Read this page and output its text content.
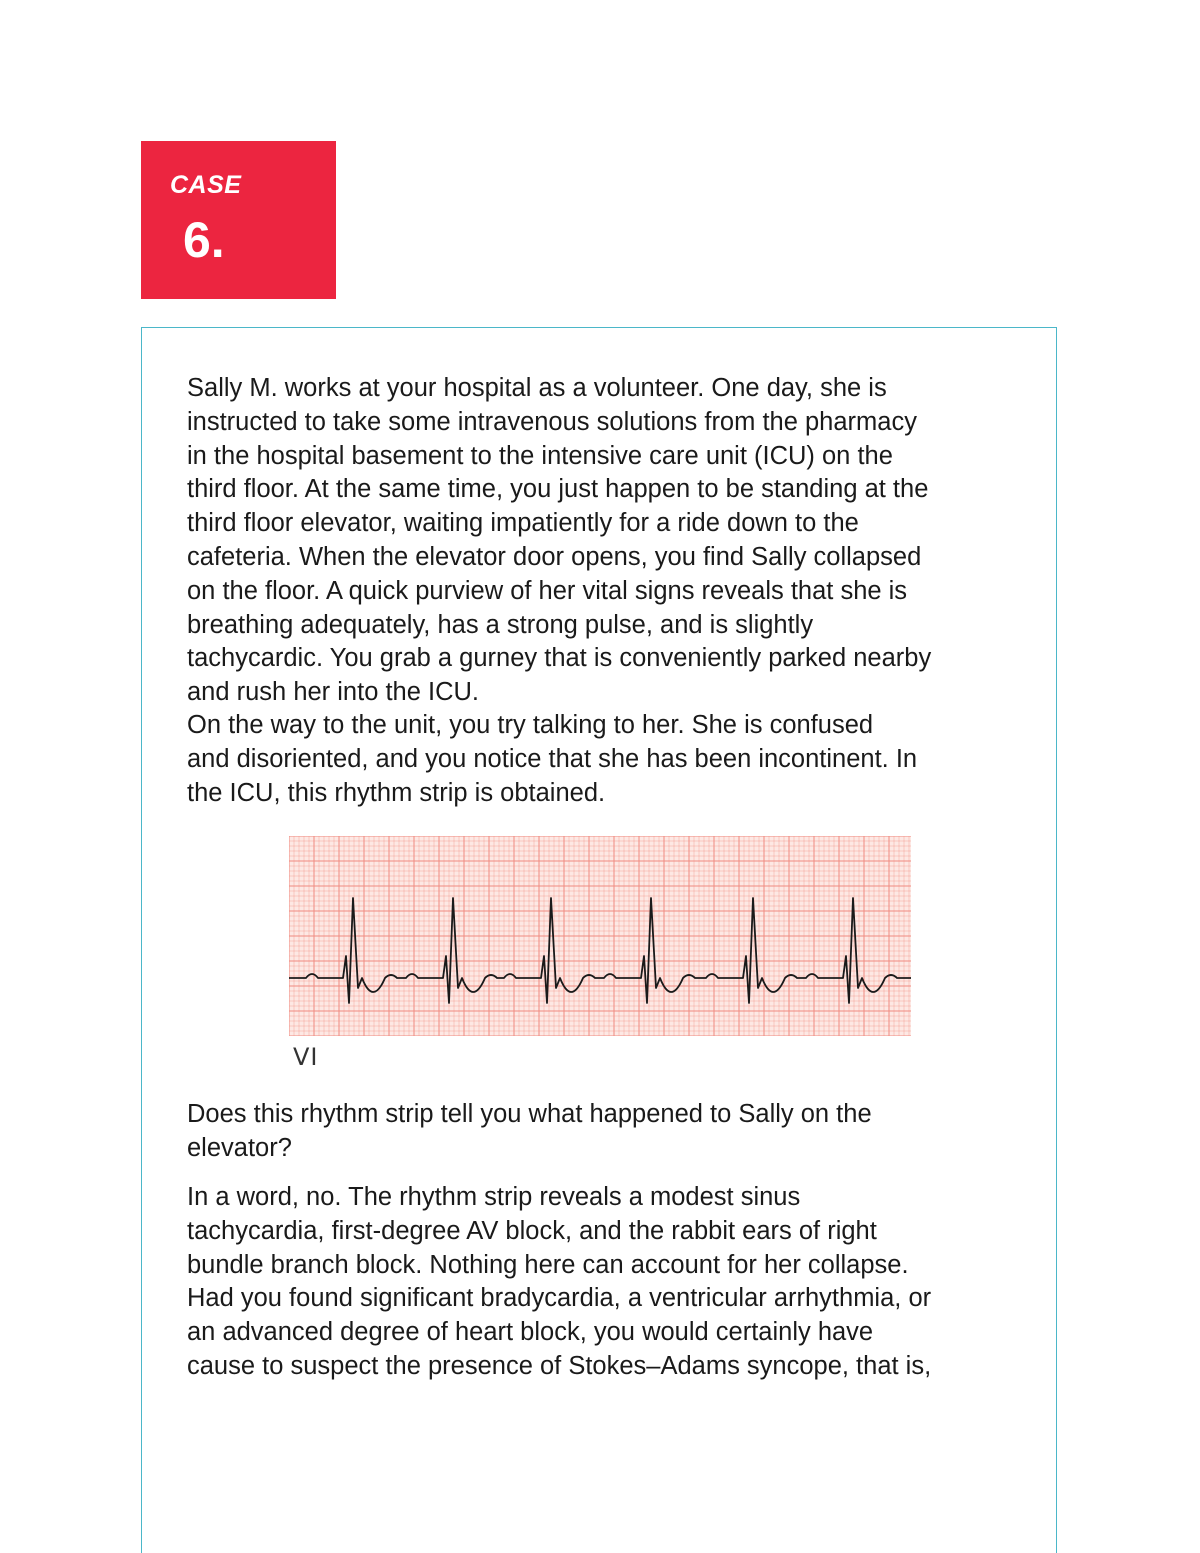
CASE
6.

Sally M. works at your hospital as a volunteer. One day, she is
instructed to take some intravenous solutions from the pharmacy
in the hospital basement to the intensive care unit (ICU) on the
third floor. At the same time, you just happen to be standing at the
third floor elevator, waiting impatiently for a ride down to the
cafeteria. When the elevator door opens, you find Sally collapsed
on the floor. A quick purview of her vital signs reveals that she is
breathing adequately, has a strong pulse, and is slightly
tachycardic. You grab a gurney that is conveniently parked nearby
and rush her into the ICU.

On the way to the unit, you try talking to her. She is confused
and disoriented, and you notice that she has been incontinent. In
the ICU, this rhythm strip is obtained.

VI

Does this rhythm strip tell you what happened to Sally on the
elevator?

In a word, no. The rhythm strip reveals a modest sinus
tachycardia, first-degree AV block, and the rabbit ears of right
bundle branch block. Nothing here can account for her collapse.
Had you found significant bradycardia, a ventricular arrhythmia, or
an advanced degree of heart block, you would certainly have
cause to suspect the presence of Stokes–Adams syncope, that is,
